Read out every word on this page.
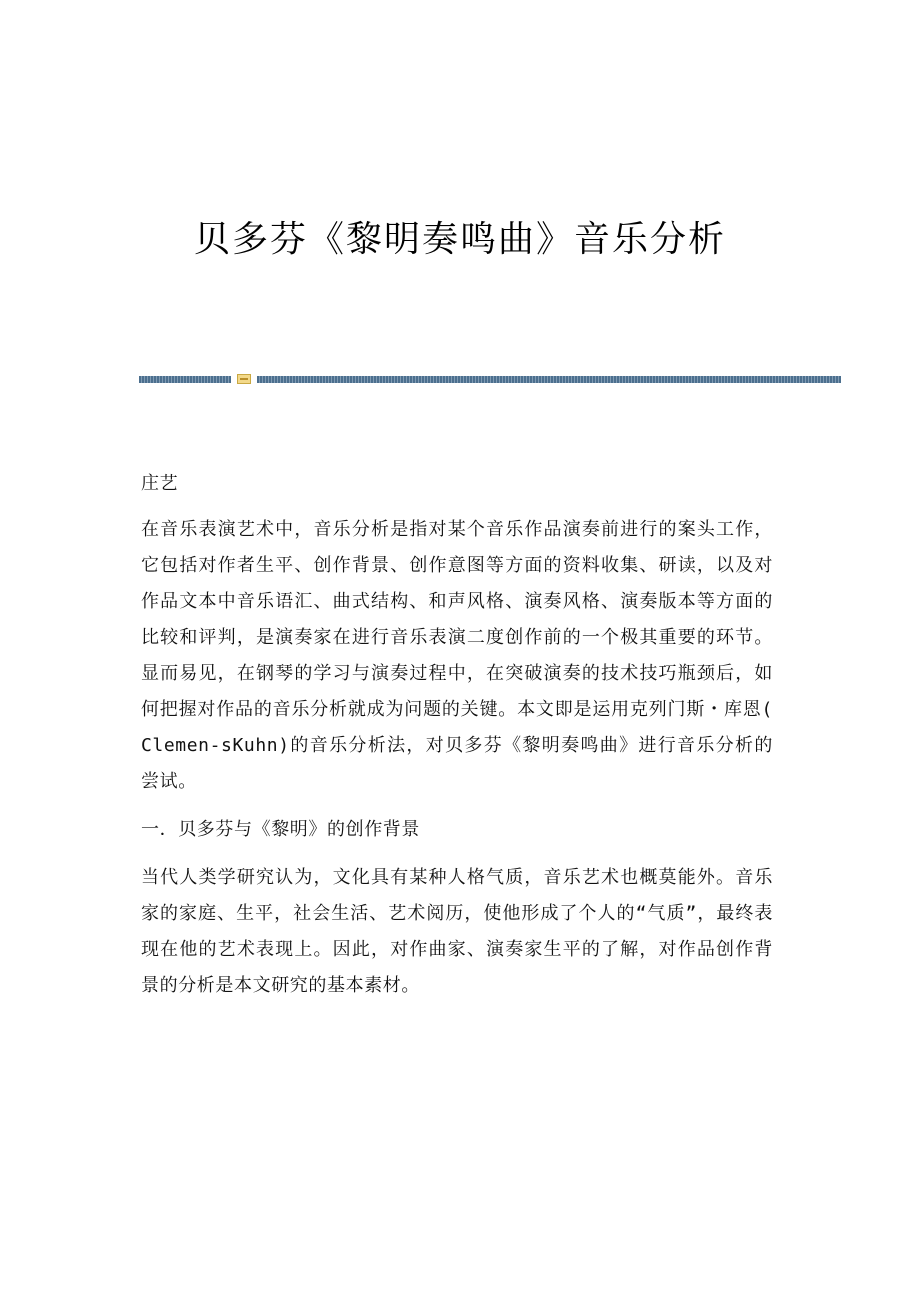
贝多芬《黎明奏鸣曲》音乐分析

庄艺

在音乐表演艺术中，音乐分析是指对某个音乐作品演奏前进行的案头工作，它包括对作者生平、创作背景、创作意图等方面的资料收集、研读，以及对作品文本中音乐语汇、曲式结构、和声风格、演奏风格、演奏版本等方面的比较和评判，是演奏家在进行音乐表演二度创作前的一个极其重要的环节。显而易见，在钢琴的学习与演奏过程中，在突破演奏的技术技巧瓶颈后，如何把握对作品的音乐分析就成为问题的关键。本文即是运用克列门斯・库恩( Clemen-sKuhn)的音乐分析法，对贝多芬《黎明奏鸣曲》进行音乐分析的尝试。

一．贝多芬与《黎明》的创作背景

当代人类学研究认为，文化具有某种人格气质，音乐艺术也概莫能外。音乐家的家庭、生平，社会生活、艺术阅历，使他形成了个人的“气质”，最终表现在他的艺术表现上。因此，对作曲家、演奏家生平的了解，对作品创作背景的分析是本文研究的基本素材。
